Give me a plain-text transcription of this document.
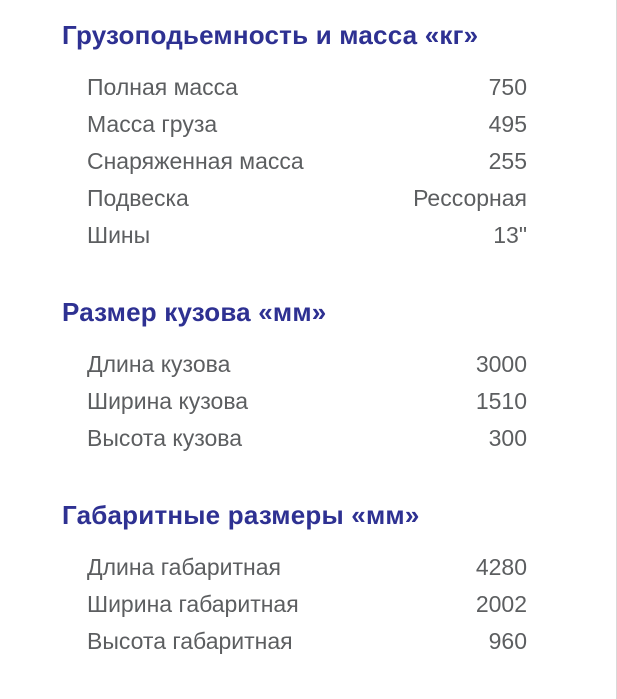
Грузоподьемность и масса «кг»
Полная масса	750
Масса груза	495
Снаряженная масса	255
Подвеска	Рессорная
Шины	13"
Размер кузова «мм»
Длина кузова	3000
Ширина кузова	1510
Высота кузова	300
Габаритные размеры «мм»
Длина габаритная	4280
Ширина габаритная	2002
Высота габаритная	960
